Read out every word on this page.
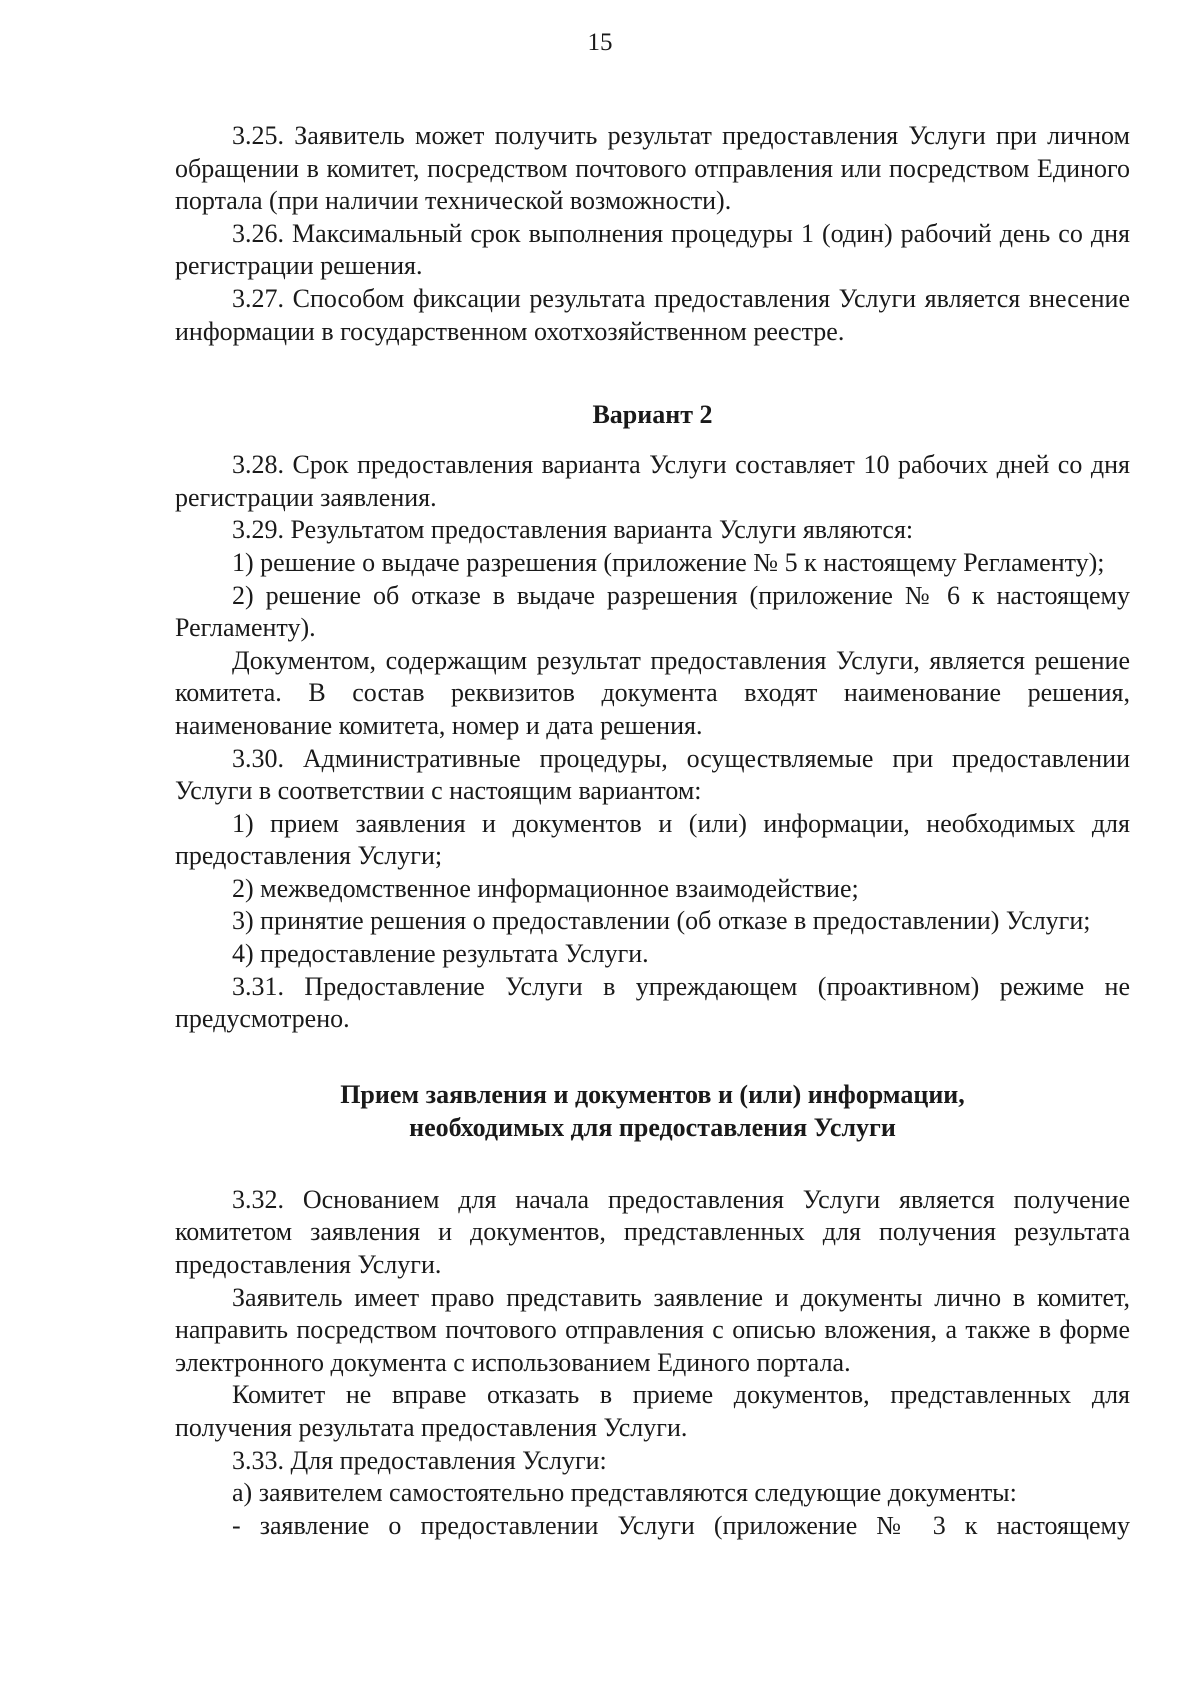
15

3.25. Заявитель может получить результат предоставления Услуги при личном обращении в комитет, посредством почтового отправления или посредством Единого портала (при наличии технической возможности).

3.26. Максимальный срок выполнения процедуры 1 (один) рабочий день со дня регистрации решения.

3.27. Способом фиксации результата предоставления Услуги является внесение информации в государственном охотхозяйственном реестре.

Вариант 2

3.28. Срок предоставления варианта Услуги составляет 10 рабочих дней со дня регистрации заявления.

3.29. Результатом предоставления варианта Услуги являются:

1) решение о выдаче разрешения (приложение № 5 к настоящему Регламенту);

2) решение об отказе в выдаче разрешения (приложение № 6 к настоящему Регламенту).

Документом, содержащим результат предоставления Услуги, является решение комитета. В состав реквизитов документа входят наименование решения, наименование комитета, номер и дата решения.

3.30. Административные процедуры, осуществляемые при предоставлении Услуги в соответствии с настоящим вариантом:

1) прием заявления и документов и (или) информации, необходимых для предоставления Услуги;

2) межведомственное информационное взаимодействие;

3) принятие решения о предоставлении (об отказе в предоставлении) Услуги;

4) предоставление результата Услуги.

3.31. Предоставление Услуги в упреждающем (проактивном) режиме не предусмотрено.

Прием заявления и документов и (или) информации,
необходимых для предоставления Услуги

3.32. Основанием для начала предоставления Услуги является получение комитетом заявления и документов, представленных для получения результата предоставления Услуги.

Заявитель имеет право представить заявление и документы лично в комитет, направить посредством почтового отправления с описью вложения, а также в форме электронного документа с использованием Единого портала.

Комитет не вправе отказать в приеме документов, представленных для получения результата предоставления Услуги.

3.33. Для предоставления Услуги:

а) заявителем самостоятельно представляются следующие документы:

- заявление о предоставлении Услуги (приложение № 3 к настоящему
